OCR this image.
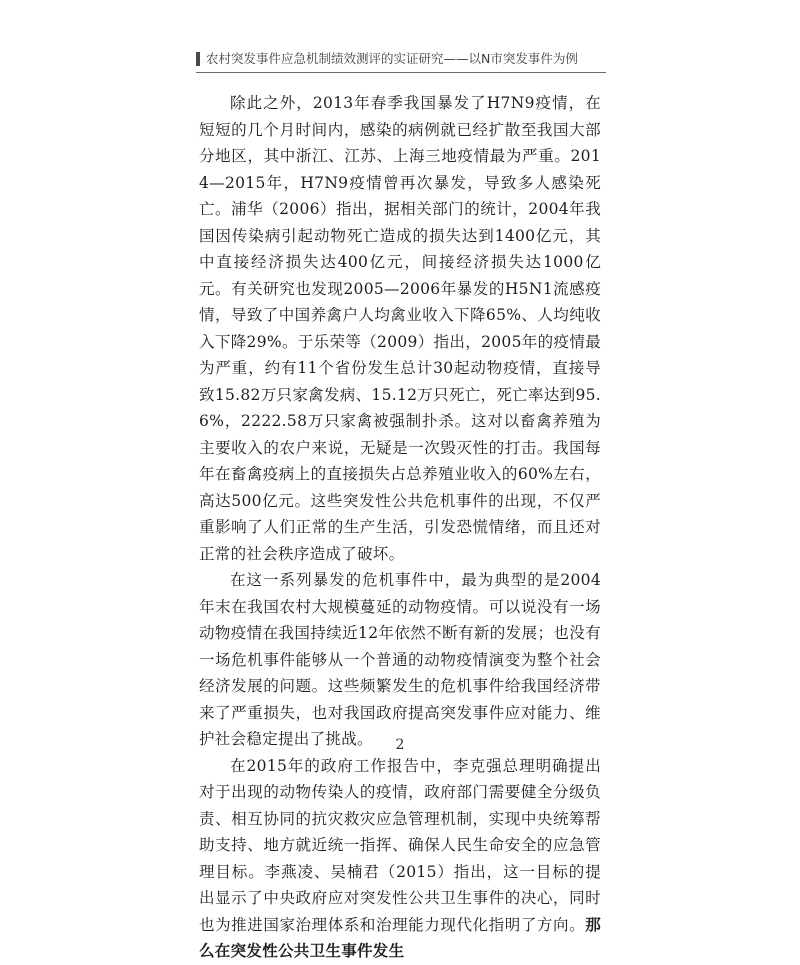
农村突发事件应急机制绩效测评的实证研究——以N市突发事件为例

除此之外，2013年春季我国暴发了H7N9疫情，在短短的几个月时间内，感染的病例就已经扩散至我国大部分地区，其中浙江、江苏、上海三地疫情最为严重。2014—2015年，H7N9疫情曾再次暴发，导致多人感染死亡。浦华（2006）指出，据相关部门的统计，2004年我国因传染病引起动物死亡造成的损失达到1400亿元，其中直接经济损失达400亿元，间接经济损失达1000亿元。有关研究也发现2005—2006年暴发的H5N1流感疫情，导致了中国养禽户人均禽业收入下降65%、人均纯收入下降29%。于乐荣等（2009）指出，2005年的疫情最为严重，约有11个省份发生总计30起动物疫情，直接导致15.82万只家禽发病、15.12万只死亡，死亡率达到95.6%，2222.58万只家禽被强制扑杀。这对以畜禽养殖为主要收入的农户来说，无疑是一次毁灭性的打击。我国每年在畜禽疫病上的直接损失占总养殖业收入的60%左右，高达500亿元。这些突发性公共危机事件的出现，不仅严重影响了人们正常的生产生活，引发恐慌情绪，而且还对正常的社会秩序造成了破坏。

在这一系列暴发的危机事件中，最为典型的是2004年末在我国农村大规模蔓延的动物疫情。可以说没有一场动物疫情在我国持续近12年依然不断有新的发展；也没有一场危机事件能够从一个普通的动物疫情演变为整个社会经济发展的问题。这些频繁发生的危机事件给我国经济带来了严重损失，也对我国政府提高突发事件应对能力、维护社会稳定提出了挑战。

在2015年的政府工作报告中，李克强总理明确提出对于出现的动物传染人的疫情，政府部门需要健全分级负责、相互协同的抗灾救灾应急管理机制，实现中央统筹帮助支持、地方就近统一指挥、确保人民生命安全的应急管理目标。李燕凌、吴楠君（2015）指出，这一目标的提出显示了中央政府应对突发性公共卫生事件的决心，同时也为推进国家治理体系和治理能力现代化指明了方向。那么在突发性公共卫生事件发生

2
